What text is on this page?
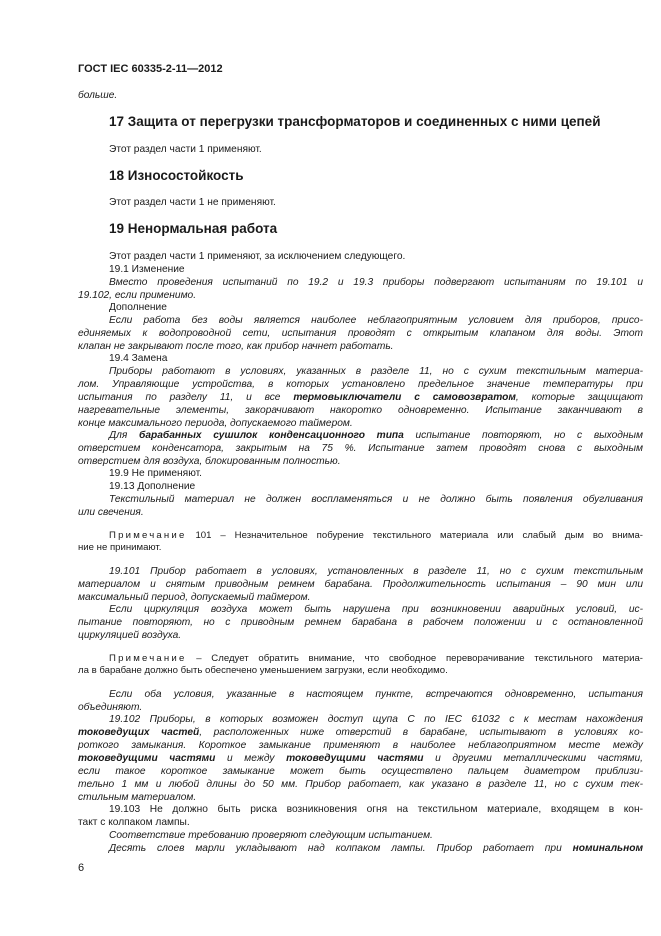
ГОСТ IEC 60335-2-11—2012
больше.
17 Защита от перегрузки трансформаторов и соединенных с ними цепей
Этот раздел части 1 применяют.
18 Износостойкость
Этот раздел части 1 не применяют.
19 Ненормальная работа
Этот раздел части 1 применяют, за исключением следующего.
19.1 Изменение
Вместо проведения испытаний по 19.2 и 19.3 приборы подвергают испытаниям по 19.101 и
19.102, если применимо.
Дополнение
Если работа без воды является наиболее неблагоприятным условием для приборов, присо-
единяемых к водопроводной сети, испытания проводят с открытым клапаном для воды. Этот
клапан не закрывают после того, как прибор начнет работать.
19.4 Замена
Приборы работают в условиях, указанных в разделе 11, но с сухим текстильным материа-
лом. Управляющие устройства, в которых установлено предельное значение температуры при
испытания по разделу 11, и все термовыключатели с самовозвратом, которые защищают
нагревательные элементы, закорачивают накоротко одновременно. Испытание заканчивают в
конце максимального периода, допускаемого таймером.
Для барабанных сушилок конденсационного типа испытание повторяют, но с выходным
отверстием конденсатора, закрытым на 75 %. Испытание затем проводят снова с выходным
отверстием для воздуха, блокированным полностью.
19.9 Не применяют.
19.13 Дополнение
Текстильный материал не должен воспламеняться и не должно быть появления обугливания
или свечения.
Примечание 101 – Незначительное побурение текстильного материала или слабый дым во внима-
ние не принимают.
19.101 Прибор работает в условиях, установленных в разделе 11, но с сухим текстильным
материалом и снятым приводным ремнем барабана. Продолжительность испытания – 90 мин или
максимальный период, допускаемый таймером.
Если циркуляция воздуха может быть нарушена при возникновении аварийных условий, ис-
пытание повторяют, но с приводным ремнем барабана в рабочем положении и с остановленной
циркуляцией воздуха.
Примечание – Следует обратить внимание, что свободное переворачивание текстильного материа-
ла в барабане должно быть обеспечено уменьшением загрузки, если необходимо.
Если оба условия, указанные в настоящем пункте, встречаются одновременно, испытания
объединяют.
19.102 Приборы, в которых возможен доступ щупа С по IEC 61032 с к местам нахождения
токоведущих частей, расположенных ниже отверстий в барабане, испытывают в условиях ко-
роткого замыкания. Короткое замыкание применяют в наиболее неблагоприятном месте между
токоведущими частями и между токоведущими частями и другими металлическими частями,
если такое короткое замыкание может быть осуществлено пальцем диаметром приблизи-
тельно 1 мм и любой длины до 50 мм. Прибор работает, как указано в разделе 11, но с сухим тек-
стильным материалом.
19.103 Не должно быть риска возникновения огня на текстильном материале, входящем в кон-
такт с колпаком лампы.
Соответствие требованию проверяют следующим испытанием.
Десять слоев марли укладывают над колпаком лампы. Прибор работает при номинальном
6
